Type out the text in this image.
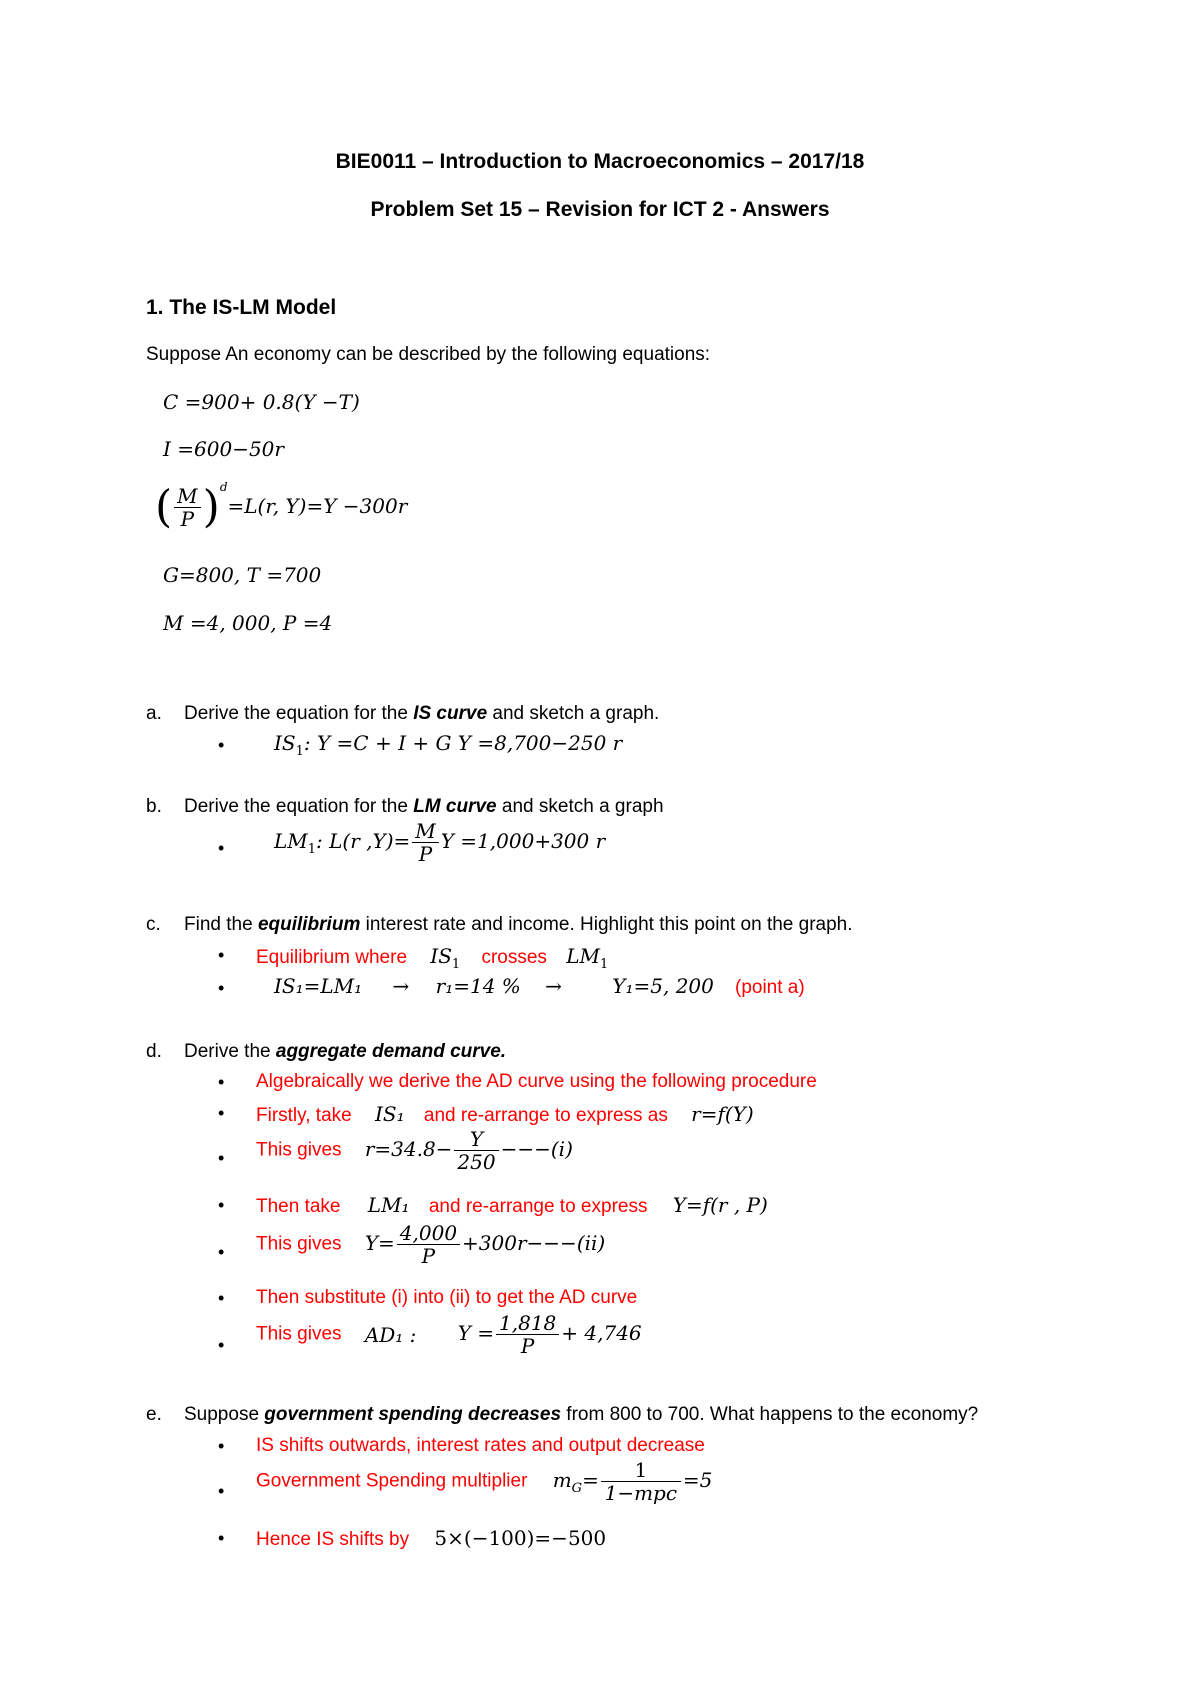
BIE0011 – Introduction to Macroeconomics – 2017/18
Problem Set 15 – Revision for ICT 2 - Answers
1. The IS-LM Model
Suppose An economy can be described by the following equations:
C =900+ 0.8(Y −T)
I =600−50r
( $\frac{M}{P} )^d=L(r$, Y)=Y −300r
G=800, T =700
M =4, 000, P =4
a. Derive the equation for the IS curve and sketch a graph.
• $IS_1$: Y =C + I + G Y =8,700−250 r
b. Derive the equation for the LM curve and sketch a graph
• $LM_1$: L(r $,Y)= \frac{M}{P}$ Y =1,000+300 r
c. Find the equilibrium interest rate and income. Highlight this point on the graph.
• Equilibrium where $IS_1$ crosses $LM_1$
• IS₁=LM₁ → r₁=14 % →	Y₁=5, 200 (point a)
d. Derive the aggregate demand curve.
• Algebraically we derive the AD curve using the following procedure
• Firstly, take IS₁ and re-arrange to express as r=f(Y)
• This gives $r=34.8- \frac{Y}{250} ---(i)$
• Then take LM₁ and re-arrange to express Y=f(r , P)
• This gives $Y= \frac{4,000}{P} +300r---(ii)$
• Then substitute (i) into (ii) to get the AD curve
•
This gives AD₁ : $Y = \frac{1,818}{P} + 4,746$
e. Suppose government spending decreases from 800 to 700. What happens to the economy?
• IS shifts outwards, interest rates and output decrease
• Government Spending multiplier $m_G= \frac{1}{\text{1−mpc}} =5$
• Hence IS shifts by 5×(−100)=−500
